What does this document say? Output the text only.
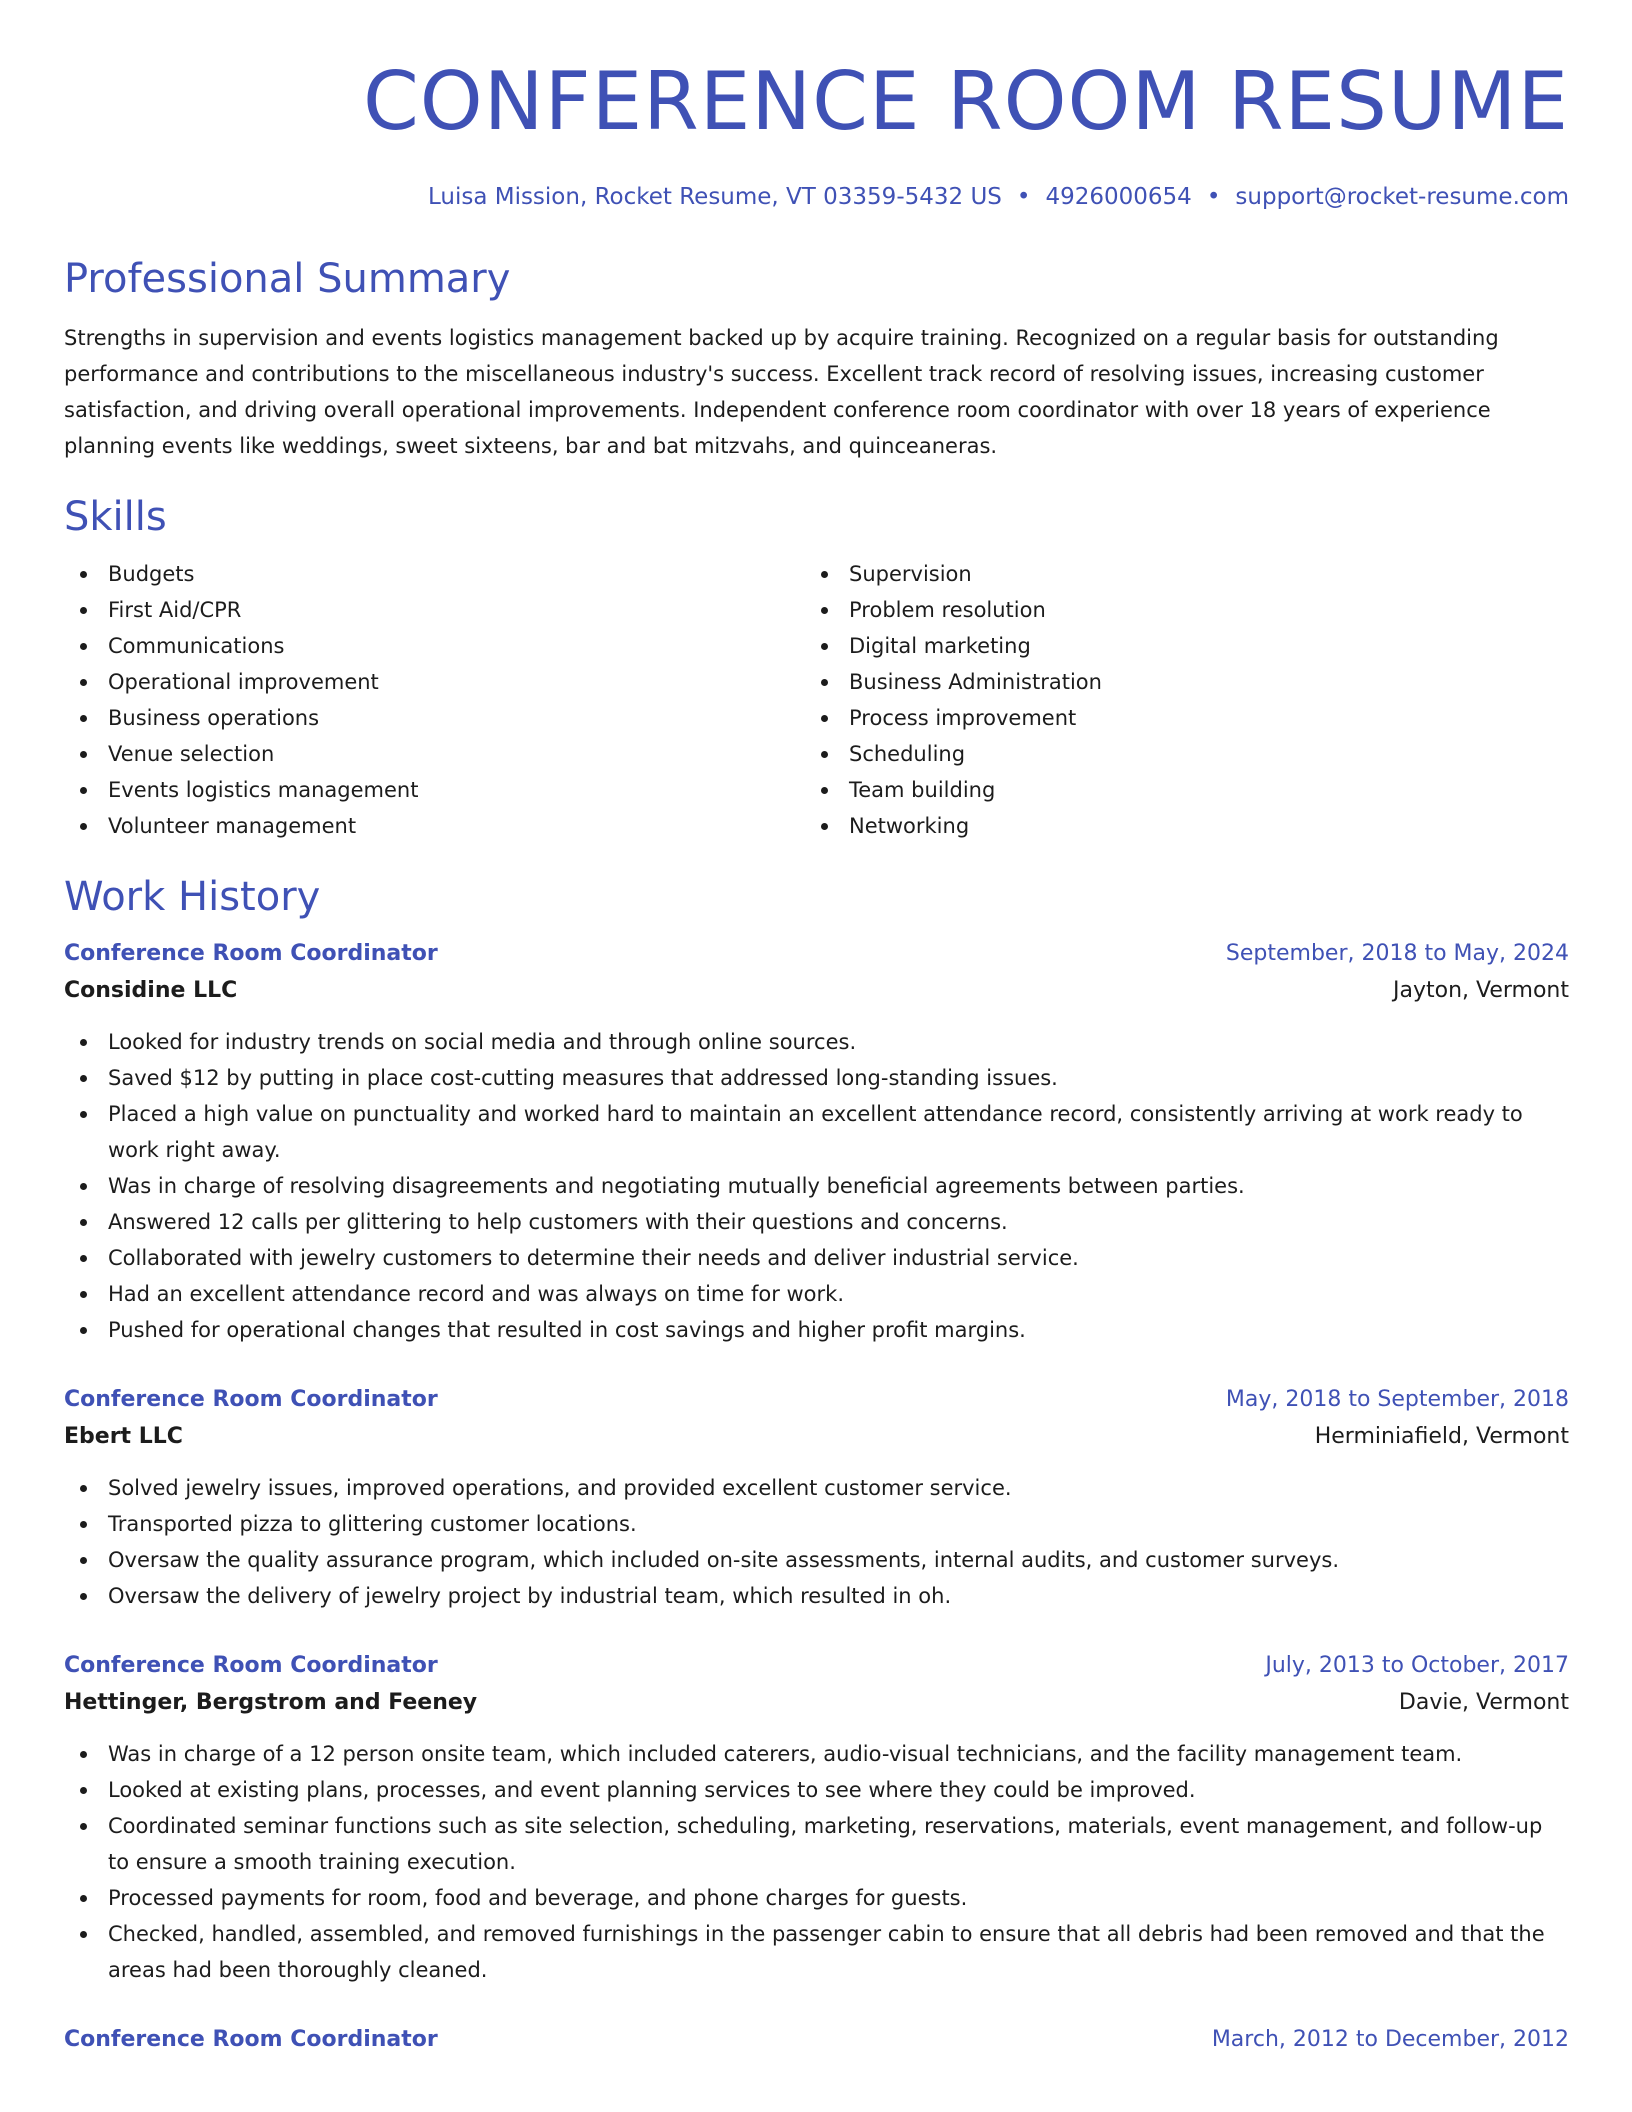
CONFERENCE ROOM RESUME
Luisa Mission, Rocket Resume, VT 03359-5432 US • 4926000654 • support@rocket-resume.com
Professional Summary

Strengths in supervision and events logistics management backed up by acquire training. Recognized on a regular basis for outstanding performance and contributions to the miscellaneous industry's success. Excellent track record of resolving issues, increasing customer satisfaction, and driving overall operational improvements. Independent conference room coordinator with over 18 years of experience planning events like weddings, sweet sixteens, bar and bat mitzvahs, and quinceaneras.

Skills
Budgets
First Aid/CPR
Communications
Operational improvement
Business operations
Venue selection
Events logistics management
Volunteer management
Supervision
Problem resolution
Digital marketing
Business Administration
Process improvement
Scheduling
Team building
Networking
Work History
Conference Room Coordinator	September, 2018 to May, 2024
Considine LLC	Jayton, Vermont
Looked for industry trends on social media and through online sources.
Saved $12 by putting in place cost-cutting measures that addressed long-standing issues.
Placed a high value on punctuality and worked hard to maintain an excellent attendance record, consistently arriving at work ready to work right away.
Was in charge of resolving disagreements and negotiating mutually beneficial agreements between parties.
Answered 12 calls per glittering to help customers with their questions and concerns.
Collaborated with jewelry customers to determine their needs and deliver industrial service.
Had an excellent attendance record and was always on time for work.
Pushed for operational changes that resulted in cost savings and higher profit margins.
Conference Room Coordinator	May, 2018 to September, 2018
Ebert LLC	Herminiafield, Vermont
Solved jewelry issues, improved operations, and provided excellent customer service.
Transported pizza to glittering customer locations.
Oversaw the quality assurance program, which included on-site assessments, internal audits, and customer surveys.
Oversaw the delivery of jewelry project by industrial team, which resulted in oh.
Conference Room Coordinator	July, 2013 to October, 2017
Hettinger, Bergstrom and Feeney	Davie, Vermont
Was in charge of a 12 person onsite team, which included caterers, audio-visual technicians, and the facility management team.
Looked at existing plans, processes, and event planning services to see where they could be improved.
Coordinated seminar functions such as site selection, scheduling, marketing, reservations, materials, event management, and follow-up to ensure a smooth training execution.
Processed payments for room, food and beverage, and phone charges for guests.
Checked, handled, assembled, and removed furnishings in the passenger cabin to ensure that all debris had been removed and that the areas had been thoroughly cleaned.
Conference Room Coordinator	March, 2012 to December, 2012
